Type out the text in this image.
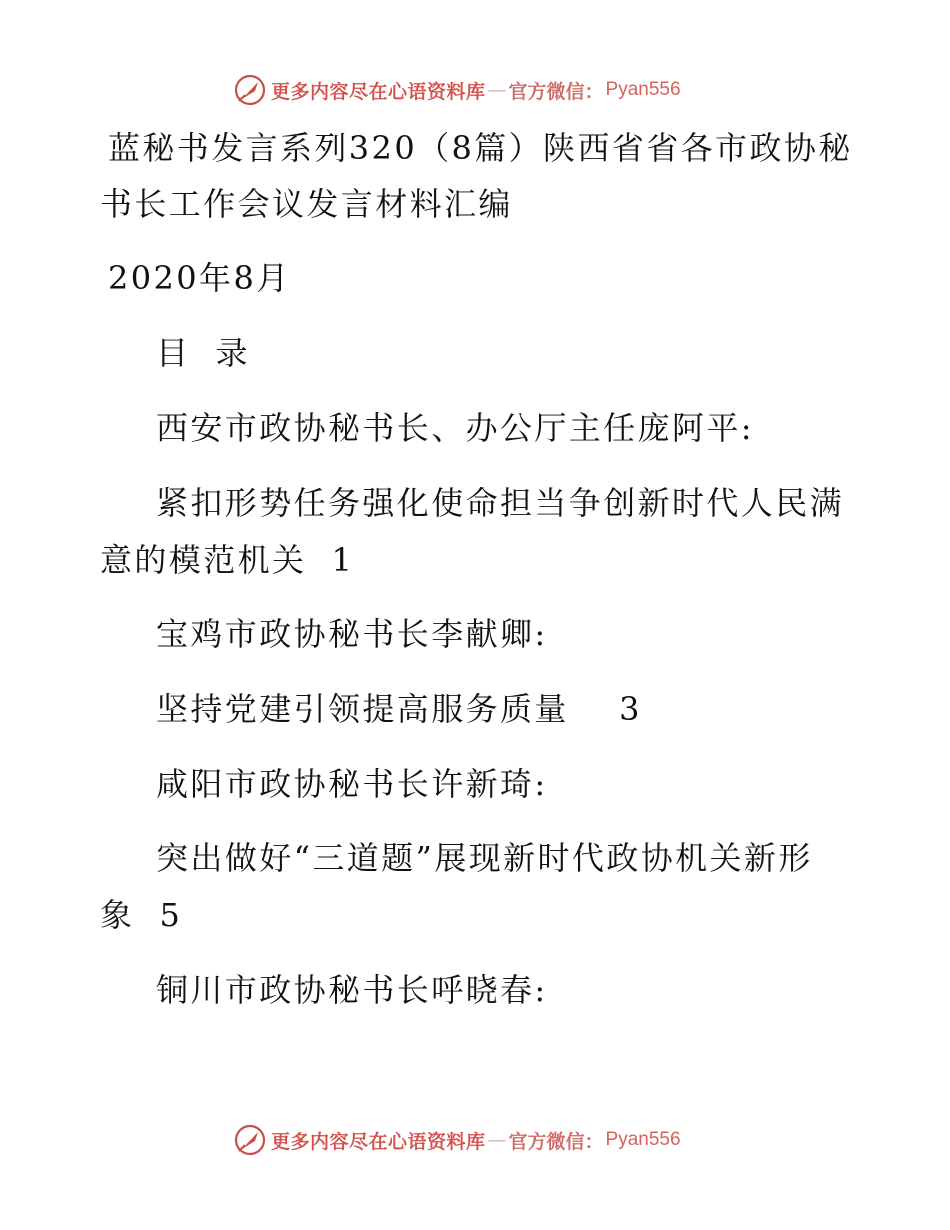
更多内容尽在心语资料库 — 官方微信： Pyan556
蓝秘书发言系列320（8篇）陕西省省各市政协秘
书长工作会议发言材料汇编
2020年8月
目  录
西安市政协秘书长、办公厅主任庞阿平:
紧扣形势任务强化使命担当争创新时代人民满
意的模范机关  1
宝鸡市政协秘书长李献卿:
坚持党建引领提高服务质量    3
咸阳市政协秘书长许新琦:
突出做好“三道题”展现新时代政协机关新形
象  5
铜川市政协秘书长呼晓春:
更多内容尽在心语资料库 — 官方微信： Pyan556
